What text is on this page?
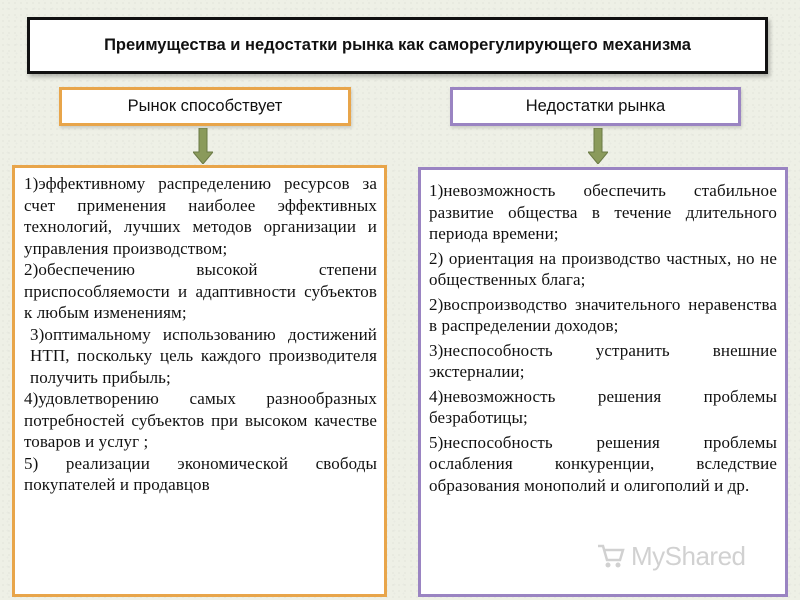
Преимущества и недостатки рынка как саморегулирующего механизма
Рынок способствует	Недостатки рынка
1)эффективному распределению ресурсов за счет применения наиболее эффективных технологий, лучших методов организации и управления производством;
2)обеспечению высокой степени приспособляемости и адаптивности субъектов к любым изменениям;
3)оптимальному использованию достижений НТП, поскольку цель каждого производителя получить прибыль;
4)удовлетворению самых разнообразных потребностей субъектов при высоком качестве товаров и услуг ;
5) реализации экономической свободы покупателей и продавцов
1)невозможность обеспечить стабильное развитие общества в течение длительного периода времени;
2) ориентация на производство частных, но не общественных блага;
2)воспроизводство значительного неравенства в распределении доходов;
3)неспособность устранить внешние экстерналии;
4)невозможность решения проблемы безработицы;
5)неспособность решения проблемы ослабления конкуренции, вследствие образования монополий и олигополий и др.
MyShared
